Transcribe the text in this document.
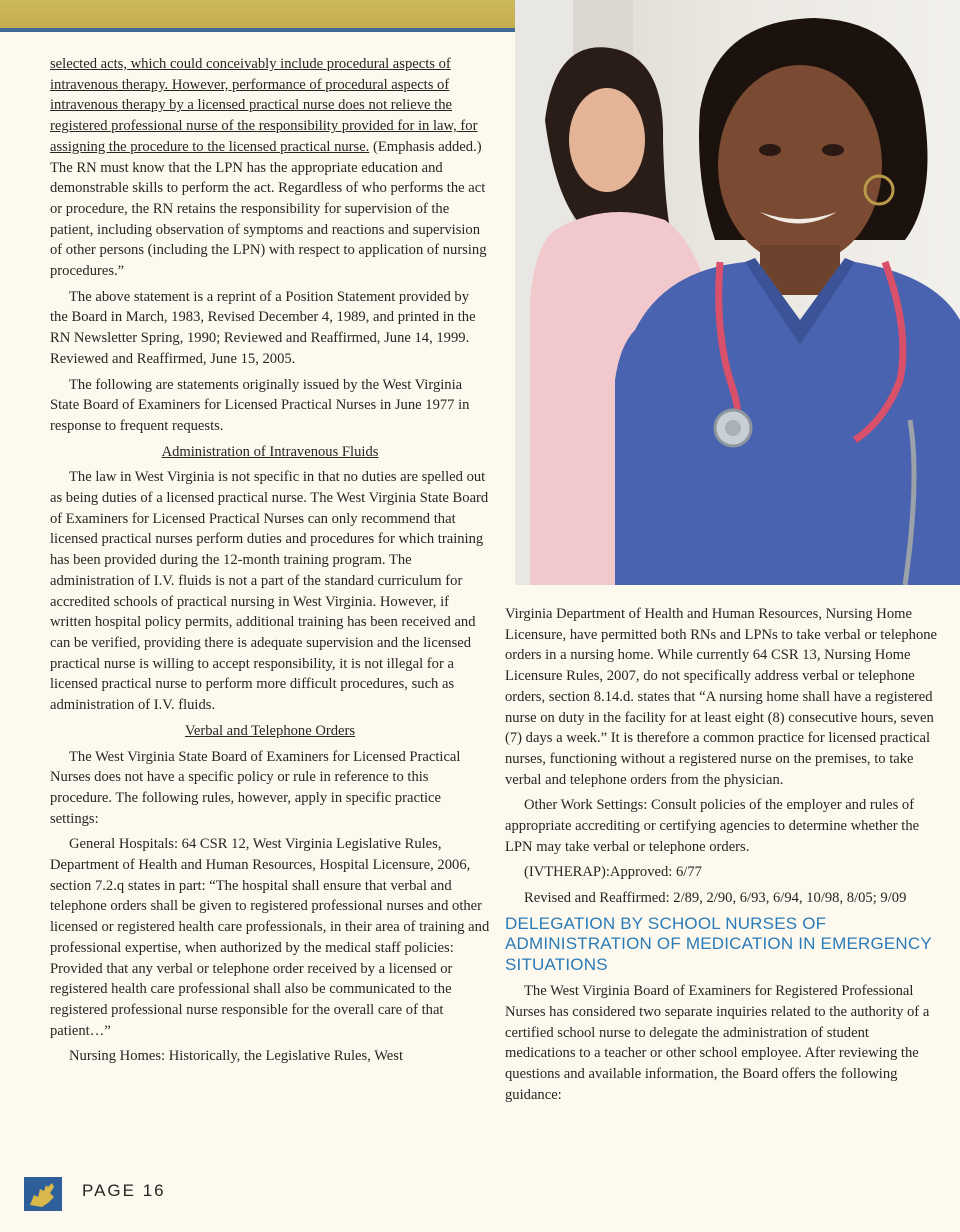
selected acts, which could conceivably include procedural aspects of intravenous therapy. However, performance of procedural aspects of intravenous therapy by a licensed practical nurse does not relieve the registered professional nurse of the responsibility provided for in law, for assigning the procedure to the licensed practical nurse. (Emphasis added.) The RN must know that the LPN has the appropriate education and demonstrable skills to perform the act. Regardless of who performs the act or procedure, the RN retains the responsibility for supervision of the patient, including observation of symptoms and reactions and supervision of other persons (including the LPN) with respect to application of nursing procedures.”

The above statement is a reprint of a Position Statement provided by the Board in March, 1983, Revised December 4, 1989, and printed in the RN Newsletter Spring, 1990; Reviewed and Reaffirmed, June 14, 1999. Reviewed and Reaffirmed, June 15, 2005.

The following are statements originally issued by the West Virginia State Board of Examiners for Licensed Practical Nurses in June 1977 in response to frequent requests.

Administration of Intravenous Fluids

The law in West Virginia is not specific in that no duties are spelled out as being duties of a licensed practical nurse. The West Virginia State Board of Examiners for Licensed Practical Nurses can only recommend that licensed practical nurses perform duties and procedures for which training has been provided during the 12-month training program. The administration of I.V. fluids is not a part of the standard curriculum for accredited schools of practical nursing in West Virginia. However, if written hospital policy permits, additional training has been received and can be verified, providing there is adequate supervision and the licensed practical nurse is willing to accept responsibility, it is not illegal for a licensed practical nurse to perform more difficult procedures, such as administration of I.V. fluids.

Verbal and Telephone Orders

The West Virginia State Board of Examiners for Licensed Practical Nurses does not have a specific policy or rule in reference to this procedure. The following rules, however, apply in specific practice settings:

General Hospitals: 64 CSR 12, West Virginia Legislative Rules, Department of Health and Human Resources, Hospital Licensure, 2006, section 7.2.q states in part: “The hospital shall ensure that verbal and telephone orders shall be given to registered professional nurses and other licensed or registered health care professionals, in their area of training and professional expertise, when authorized by the medical staff policies: Provided that any verbal or telephone order received by a licensed or registered health care professional shall also be communicated to the registered professional nurse responsible for the overall care of that patient…”

Nursing Homes: Historically, the Legislative Rules, West

Virginia Department of Health and Human Resources, Nursing Home Licensure, have permitted both RNs and LPNs to take verbal or telephone orders in a nursing home. While currently 64 CSR 13, Nursing Home Licensure Rules, 2007, do not specifically address verbal or telephone orders, section 8.14.d. states that “A nursing home shall have a registered nurse on duty in the facility for at least eight (8) consecutive hours, seven (7) days a week.” It is therefore a common practice for licensed practical nurses, functioning without a registered nurse on the premises, to take verbal and telephone orders from the physician.

Other Work Settings: Consult policies of the employer and rules of appropriate accrediting or certifying agencies to determine whether the LPN may take verbal or telephone orders.

(IVTHERAP):Approved: 6/77

Revised and Reaffirmed: 2/89, 2/90, 6/93, 6/94, 10/98, 8/05; 9/09

DELEGATION BY SCHOOL NURSES OF ADMINISTRATION OF MEDICATION IN EMERGENCY SITUATIONS

The West Virginia Board of Examiners for Registered Professional Nurses has considered two separate inquiries related to the authority of a certified school nurse to delegate the administration of student medications to a teacher or other school employee. After reviewing the questions and available information, the Board offers the following guidance:

PAGE 16
